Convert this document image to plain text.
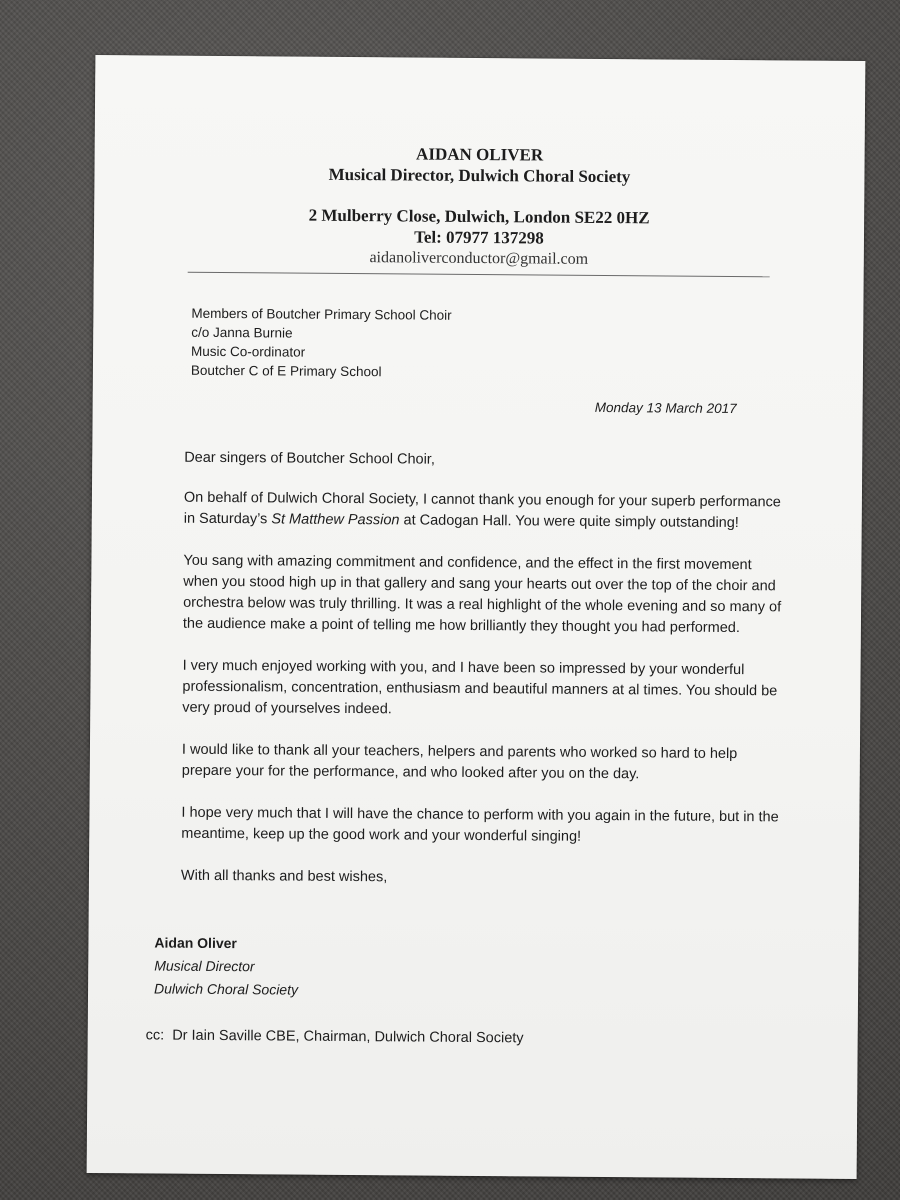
AIDAN OLIVER
Musical Director, Dulwich Choral Society
2 Mulberry Close, Dulwich, London SE22 0HZ
Tel: 07977 137298
aidanoliverconductor@gmail.com
Members of Boutcher Primary School Choir
c/o Janna Burnie
Music Co-ordinator
Boutcher C of E Primary School
Monday 13 March 2017

Dear singers of Boutcher School Choir,

On behalf of Dulwich Choral Society, I cannot thank you enough for your superb performance in Saturday’s St Matthew Passion at Cadogan Hall. You were quite simply outstanding!

You sang with amazing commitment and confidence, and the effect in the first movement when you stood high up in that gallery and sang your hearts out over the top of the choir and orchestra below was truly thrilling. It was a real highlight of the whole evening and so many of the audience make a point of telling me how brilliantly they thought you had performed.

I very much enjoyed working with you, and I have been so impressed by your wonderful professionalism, concentration, enthusiasm and beautiful manners at al times. You should be very proud of yourselves indeed.

I would like to thank all your teachers, helpers and parents who worked so hard to help prepare your for the performance, and who looked after you on the day.

I hope very much that I will have the chance to perform with you again in the future, but in the meantime, keep up the good work and your wonderful singing!

With all thanks and best wishes,

Aidan Oliver
Musical Director
Dulwich Choral Society
cc: Dr Iain Saville CBE, Chairman, Dulwich Choral Society
